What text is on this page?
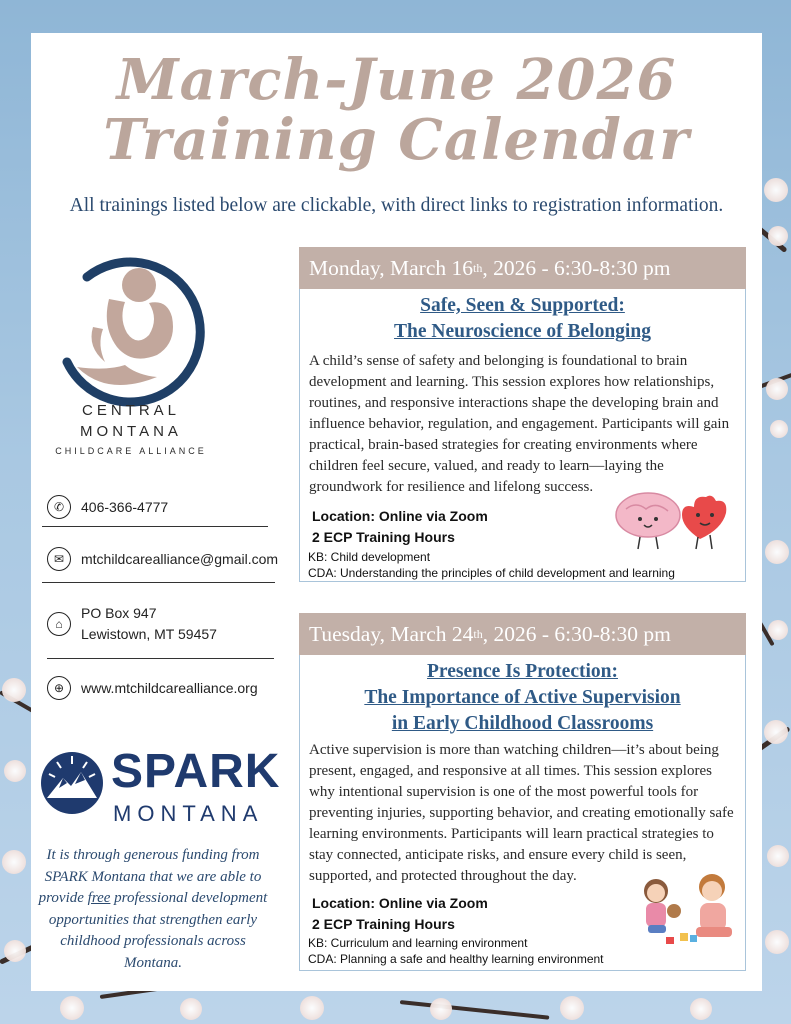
March-June 2026
Training Calendar
All trainings listed below are clickable, with direct links to registration information.
CENTRAL
MONTANA
CHILDCARE ALLIANCE
✆	406-366-4777
✉	mtchildcarealliance@gmail.com
⌂
PO Box 947
Lewistown, MT 59457
⊕	www.mtchildcarealliance.org
SPARK
MONTANA
It is through generous funding from SPARK Montana that we are able to provide free professional development opportunities that strengthen early childhood professionals across Montana.
Monday, March 16 th , 2026 - 6:30-8:30 pm
Safe, Seen & Supported:
The Neuroscience of Belonging
A child’s sense of safety and belonging is foundational to brain development and learning. This session explores how relationships, routines, and responsive interactions shape the developing brain and influence behavior, regulation, and engagement. Participants will gain practical, brain-based strategies for creating environments where children feel secure, valued, and ready to learn—laying the groundwork for resilience and lifelong success.
Location: Online via Zoom
2 ECP Training Hours
KB: Child development
CDA: Understanding the principles of child development and learning
Tuesday, March 24 th , 2026 - 6:30-8:30 pm
Presence Is Protection:
The Importance of Active Supervision
in Early Childhood Classrooms
Active supervision is more than watching children—it’s about being present, engaged, and responsive at all times. This session explores why intentional supervision is one of the most powerful tools for preventing injuries, supporting behavior, and creating emotionally safe learning environments. Participants will learn practical strategies to stay connected, anticipate risks, and ensure every child is seen, supported, and protected throughout the day.
Location: Online via Zoom
2 ECP Training Hours
KB: Curriculum and learning environment
CDA: Planning a safe and healthy learning environment
